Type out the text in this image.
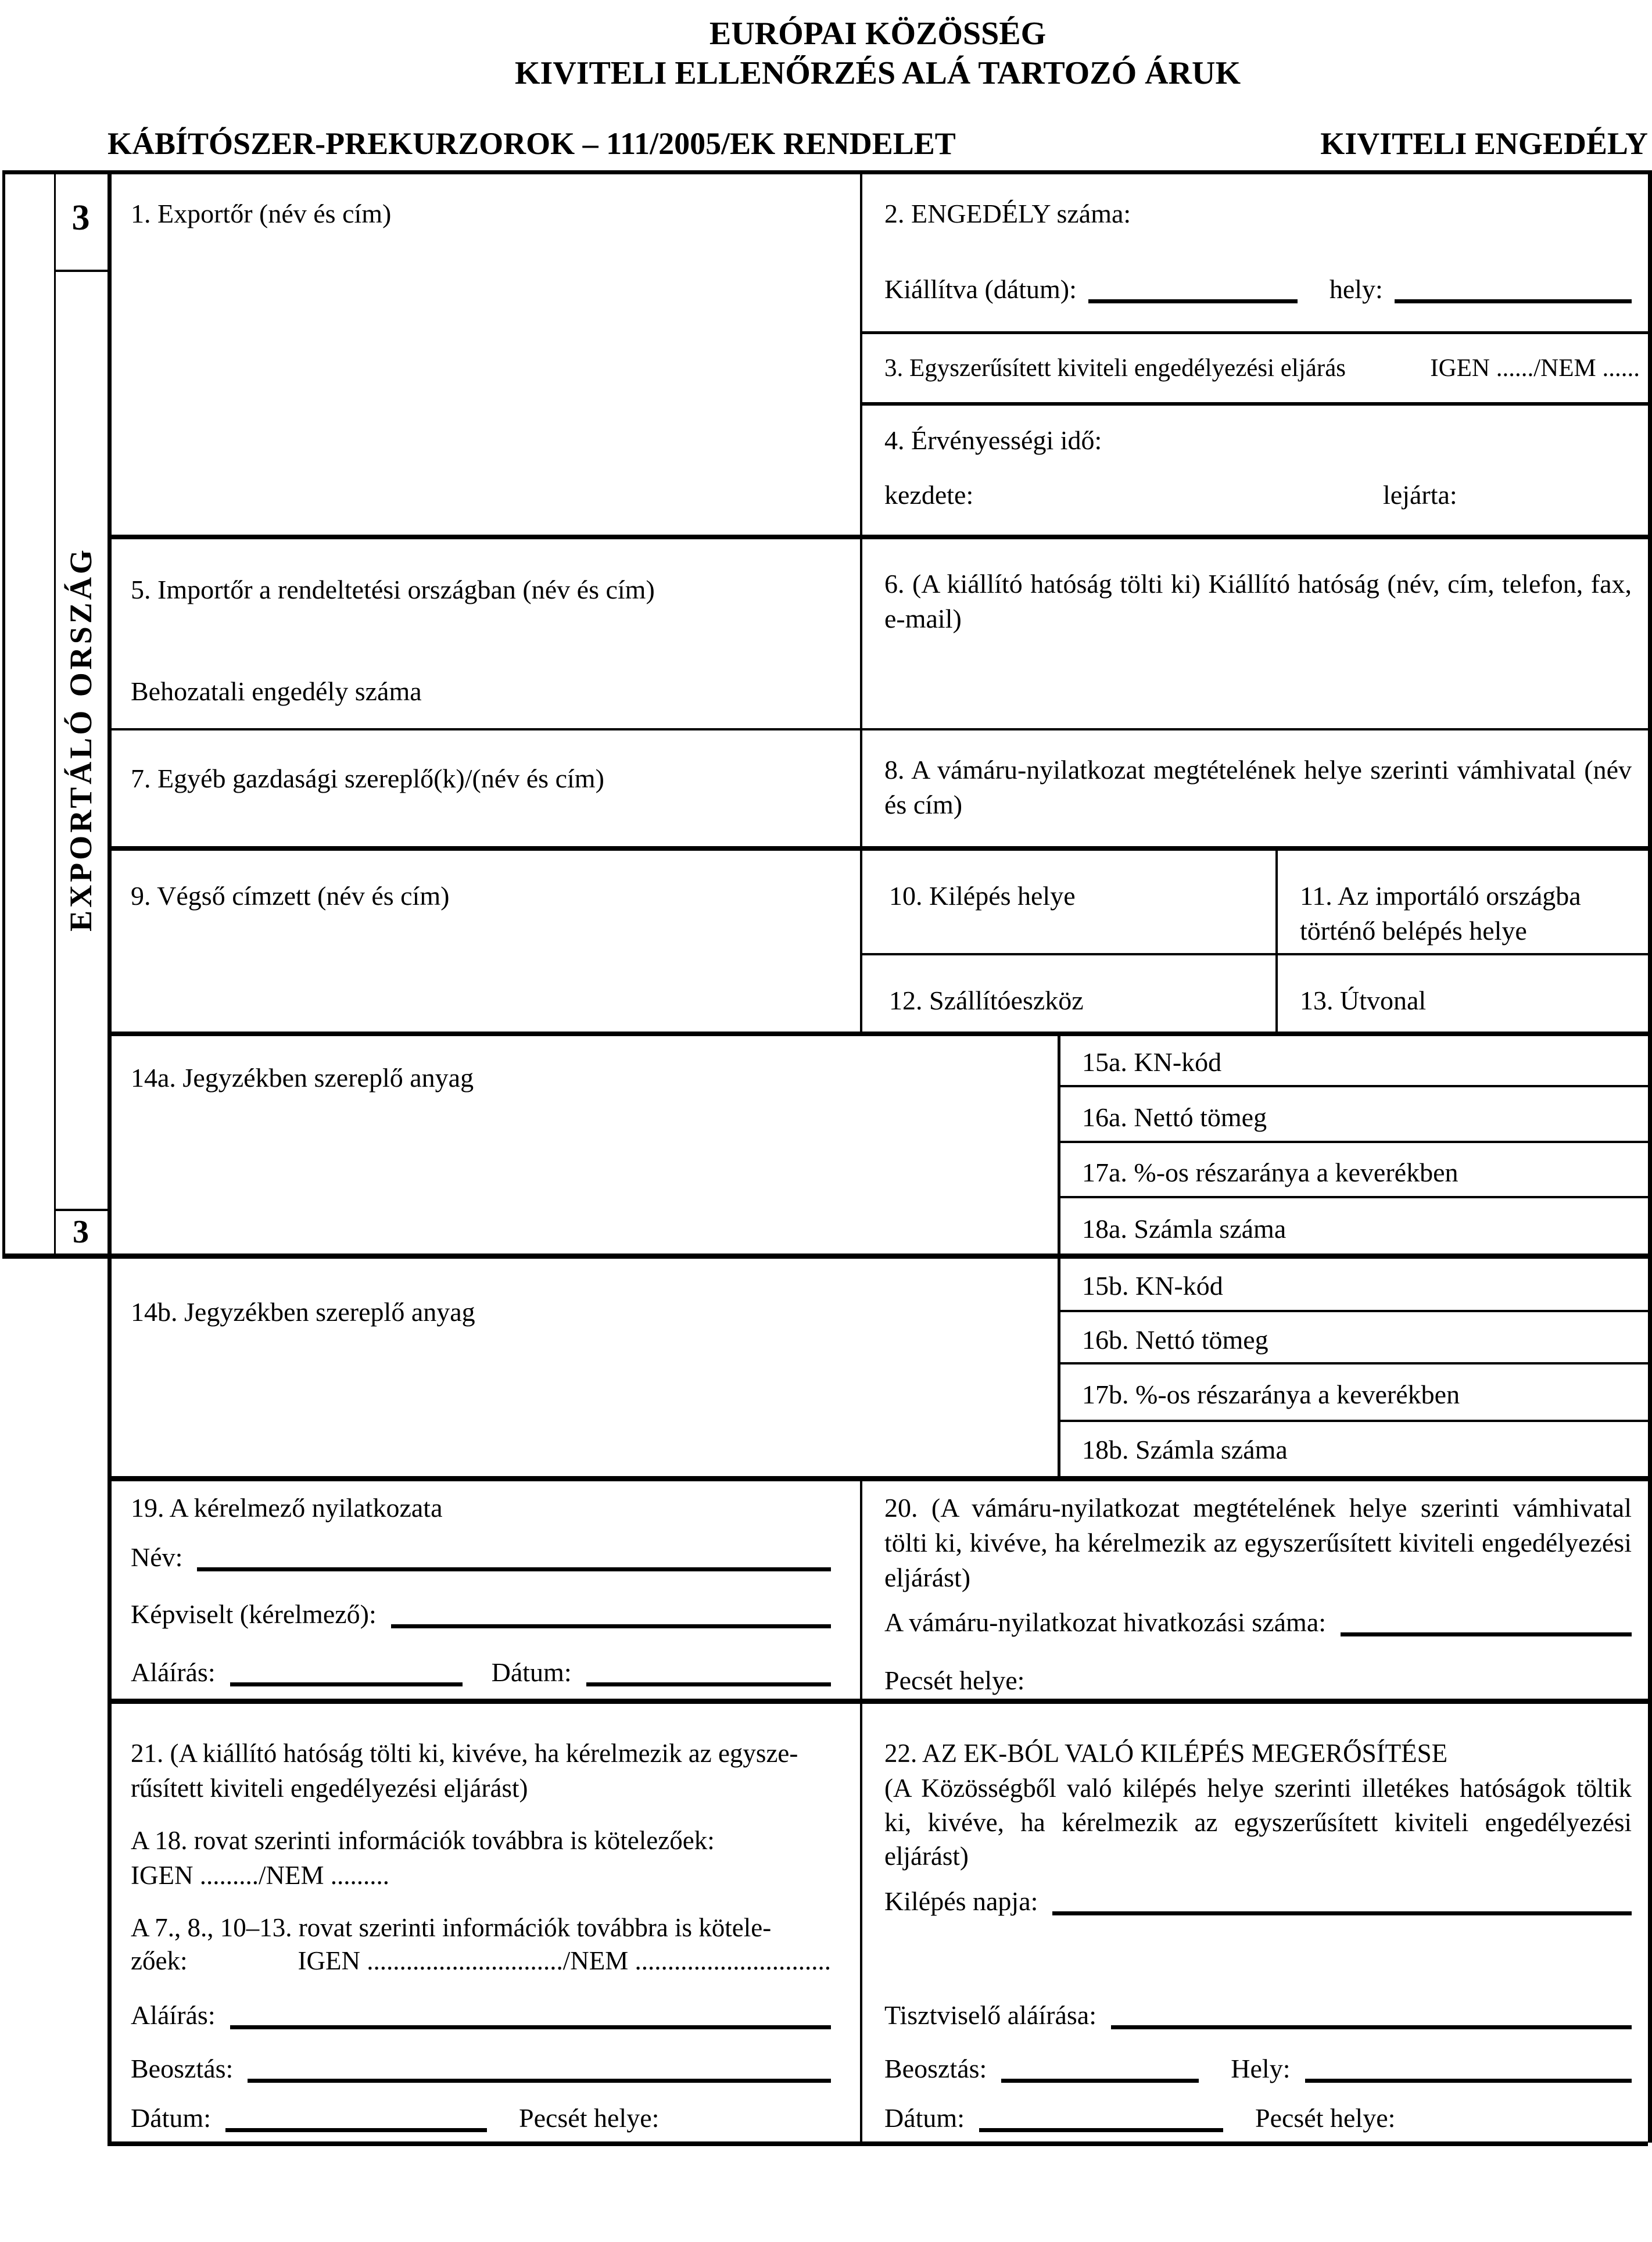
EURÓPAI KÖZÖSSÉG
KIVITELI ELLENŐRZÉS ALÁ TARTOZÓ ÁRUK
KÁBÍTÓSZER-PREKURZOROK – 111/2005/EK RENDELET	KIVITELI ENGEDÉLY
3
EXPORTÁLÓ ORSZÁG
3
1. Exportőr (név és cím)	2. ENGEDÉLY száma:
Kiállítva (dátum):	hely:
3. Egyszerűsített kiviteli engedélyezési eljárás	IGEN ....../NEM ......
4. Érvényességi idő:
kezdete:	lejárta:
5. Importőr a rendeltetési országban (név és cím)
Behozatali engedély száma
6. (A kiállító hatóság tölti ki) Kiállító hatóság (név, cím, telefon, fax, e-mail)
7. Egyéb gazdasági szereplő(k)/(név és cím)	8. A vámáru-nyilatkozat megtételének helye szerinti vámhivatal (név és cím)
9. Végső címzett (név és cím)	10. Kilépés helye	11. Az importáló országba történő belépés helye
12. Szállítóeszköz	13. Útvonal
14a. Jegyzékben szereplő anyag
15a. KN-kód
16a. Nettó tömeg
17a. %-os részaránya a keverékben
18a. Számla száma
14b. Jegyzékben szereplő anyag
15b. KN-kód
16b. Nettó tömeg
17b. %-os részaránya a keverékben
18b. Számla száma
19. A kérelmező nyilatkozata
Név:
Képviselt (kérelmező):
Aláírás:	Dátum:
20. (A vámáru-nyilatkozat megtételének helye szerinti vámhivatal tölti ki, kivéve, ha kérelmezik az egyszerűsített kiviteli engedélyezési eljárást)
A vámáru-nyilatkozat hivatkozási száma:
Pecsét helye:
21. (A kiállító hatóság tölti ki, kivéve, ha kérelmezik az egysze-
rűsített kiviteli engedélyezési eljárást)
A 18. rovat szerinti információk továbbra is kötelezőek:
IGEN ........./NEM .........
A 7., 8., 10–13. rovat szerinti információk továbbra is kötele-
zőek:	IGEN ............................../NEM ..............................
Aláírás:
Beosztás:
Dátum:	Pecsét helye:
22. AZ EK-BÓL VALÓ KILÉPÉS MEGERŐSÍTÉSE
(A Közösségből való kilépés helye szerinti illetékes hatóságok töltik ki, kivéve, ha kérelmezik az egyszerűsített kiviteli engedélyezési eljárást)
Kilépés napja:
Tisztviselő aláírása:
Beosztás:	Hely:
Dátum:	Pecsét helye:
